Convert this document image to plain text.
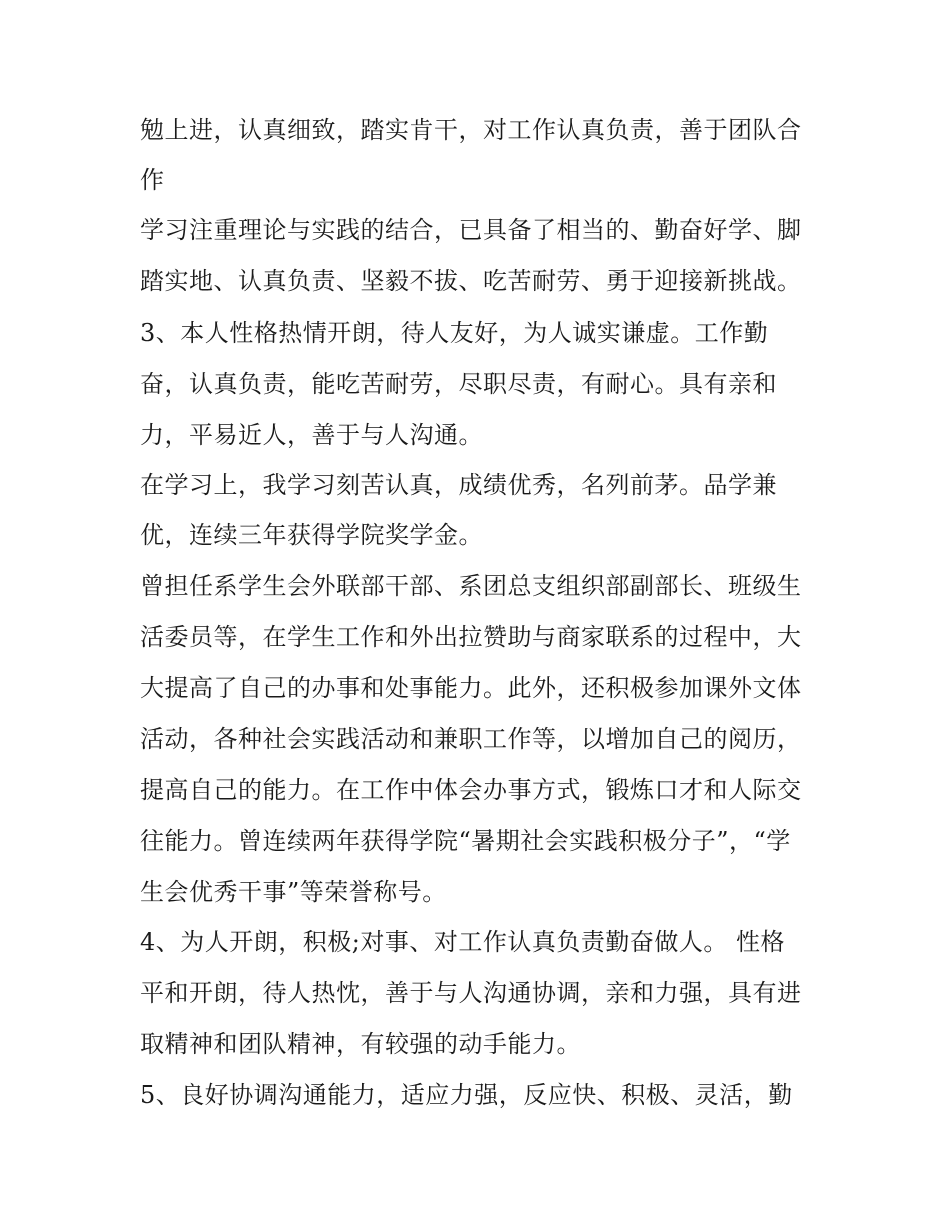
勉上进，认真细致，踏实肯干，对工作认真负责，善于团队合
作
学习注重理论与实践的结合，已具备了相当的、勤奋好学、脚
踏实地、认真负责、坚毅不拔、吃苦耐劳、勇于迎接新挑战。
3、本人性格热情开朗，待人友好，为人诚实谦虚。工作勤
奋，认真负责，能吃苦耐劳，尽职尽责，有耐心。具有亲和
力，平易近人，善于与人沟通。
在学习上，我学习刻苦认真，成绩优秀，名列前茅。品学兼
优，连续三年获得学院奖学金。
曾担任系学生会外联部干部、系团总支组织部副部长、班级生
活委员等，在学生工作和外出拉赞助与商家联系的过程中，大
大提高了自己的办事和处事能力。此外，还积极参加课外文体
活动，各种社会实践活动和兼职工作等，以增加自己的阅历，
提高自己的能力。在工作中体会办事方式，锻炼口才和人际交
往能力。曾连续两年获得学院“暑期社会实践积极分子”，“学
生会优秀干事”等荣誉称号。
4、为人开朗，积极;对事、对工作认真负责勤奋做人。 性格
平和开朗，待人热忱，善于与人沟通协调，亲和力强，具有进
取精神和团队精神，有较强的动手能力。
5、良好协调沟通能力，适应力强，反应快、积极、灵活，勤
